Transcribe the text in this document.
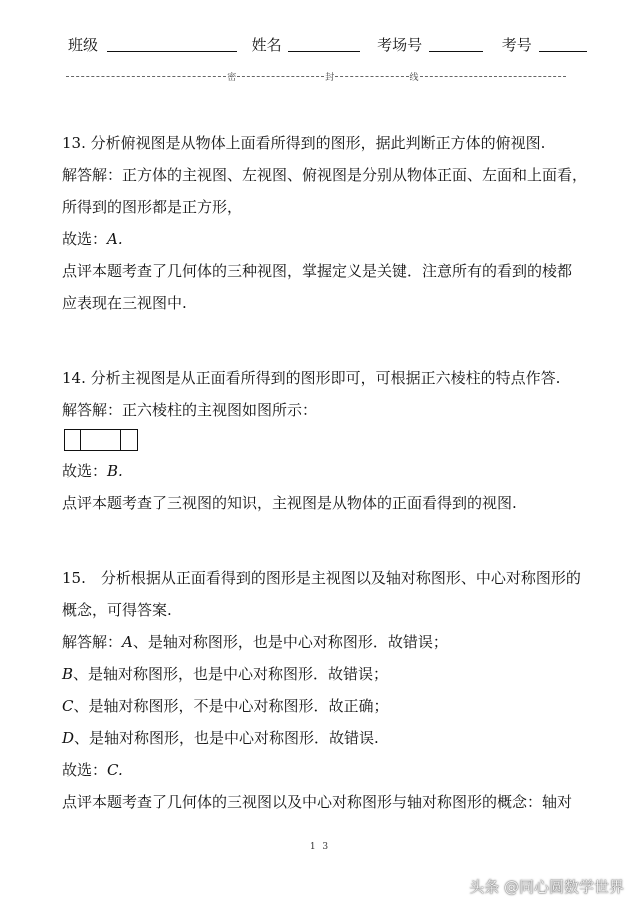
班级	姓名	考场号	考号
密	封	线
13. 分析俯视图是从物体上面看所得到的图形，据此判断正方体的俯视图.
解答解：正方体的主视图、左视图、俯视图是分别从物体正面、左面和上面看，
所得到的图形都是正方形，
故选：A.
点评本题考查了几何体的三种视图，掌握定义是关键．注意所有的看到的棱都
应表现在三视图中.
14. 分析主视图是从正面看所得到的图形即可，可根据正六棱柱的特点作答.
解答解：正六棱柱的主视图如图所示：
故选：B.
点评本题考查了三视图的知识，主视图是从物体的正面看得到的视图.
15.　分析根据从正面看得到的图形是主视图以及轴对称图形、中心对称图形的
概念，可得答案.
解答解：A、是轴对称图形，也是中心对称图形．故错误；
B、是轴对称图形，也是中心对称图形．故错误；
C、是轴对称图形，不是中心对称图形．故正确；
D、是轴对称图形，也是中心对称图形．故错误.
故选：C.
点评本题考查了几何体的三视图以及中心对称图形与轴对称图形的概念：轴对
1 3
头条 @同心圆数学世界
